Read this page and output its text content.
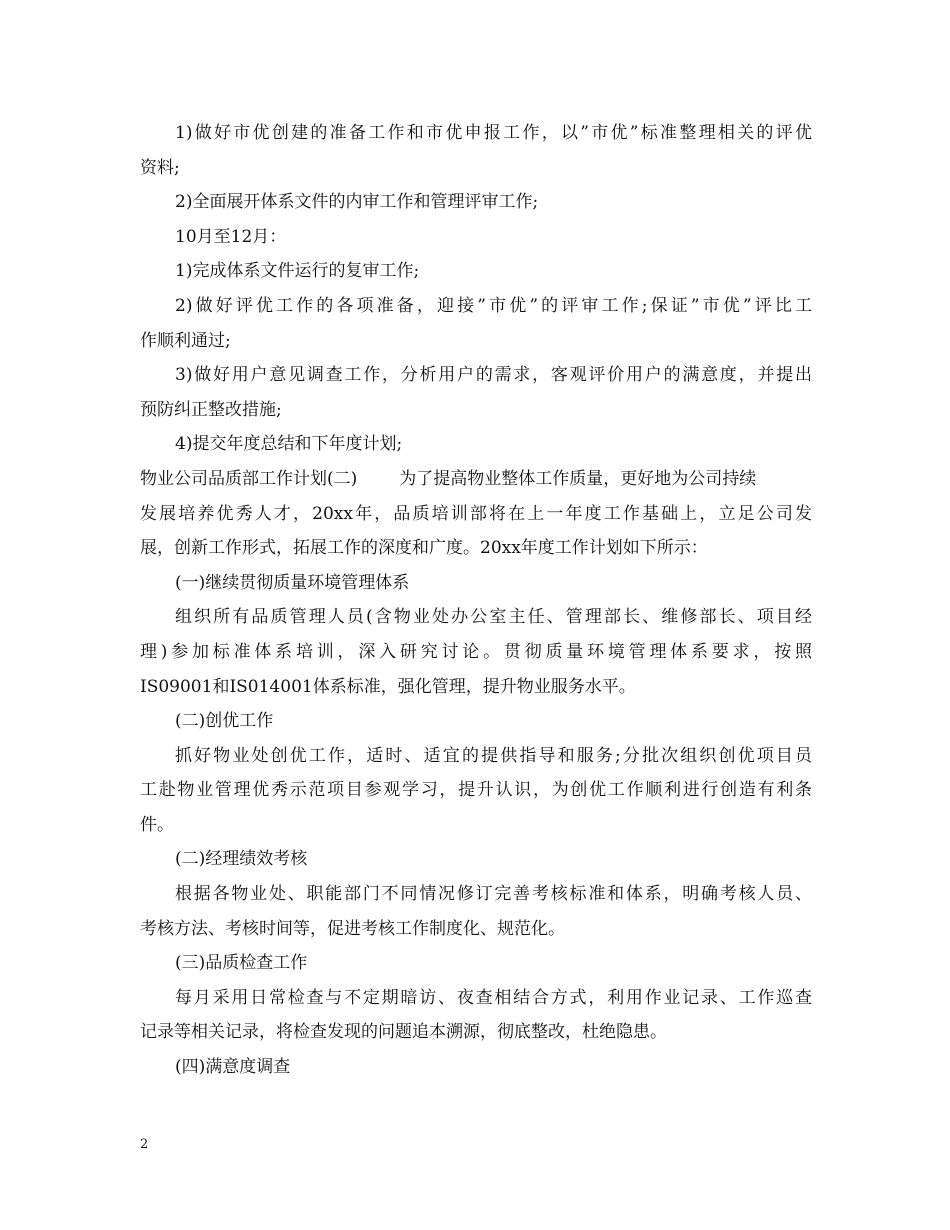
1)做好市优创建的准备工作和市优申报工作，以”市优”标准整理相关的评优
资料;
2)全面展开体系文件的内审工作和管理评审工作;
10月至12月：
1)完成体系文件运行的复审工作;
2)做好评优工作的各项准备，迎接”市优”的评审工作;保证”市优”评比工
作顺利通过;
3)做好用户意见调查工作，分析用户的需求，客观评价用户的满意度，并提出
预防纠正整改措施;
4)提交年度总结和下年度计划;
物业公司品质部工作计划(二) 为了提高物业整体工作质量，更好地为公司持续
发展培养优秀人才，20xx年，品质培训部将在上一年度工作基础上，立足公司发
展，创新工作形式，拓展工作的深度和广度。20xx年度工作计划如下所示：
(一)继续贯彻质量环境管理体系
组织所有品质管理人员(含物业处办公室主任、管理部长、维修部长、项目经
理)参加标准体系培训，深入研究讨论。贯彻质量环境管理体系要求，按照
IS09001和IS014001体系标准，强化管理，提升物业服务水平。
(二)创优工作
抓好物业处创优工作，适时、适宜的提供指导和服务;分批次组织创优项目员
工赴物业管理优秀示范项目参观学习，提升认识，为创优工作顺利进行创造有利条
件。
(二)经理绩效考核
根据各物业处、职能部门不同情况修订完善考核标准和体系，明确考核人员、
考核方法、考核时间等，促进考核工作制度化、规范化。
(三)品质检查工作
每月采用日常检查与不定期暗访、夜查相结合方式，利用作业记录、工作巡查
记录等相关记录，将检查发现的问题追本溯源，彻底整改，杜绝隐患。
(四)满意度调查
2
